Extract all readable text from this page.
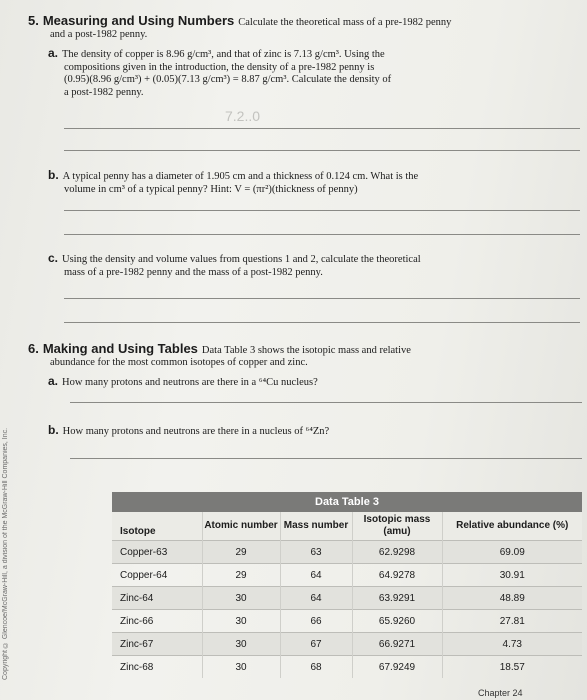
Copyright © Glencoe/McGraw-Hill, a division of the McGraw-Hill Companies, Inc.
5. Measuring and Using Numbers Calculate the theoretical mass of a pre-1982 penny
and a post-1982 penny.
a. The density of copper is 8.96 g/cm³, and that of zinc is 7.13 g/cm³. Using the
compositions given in the introduction, the density of a pre-1982 penny is
(0.95)(8.96 g/cm³) + (0.05)(7.13 g/cm³) = 8.87 g/cm³. Calculate the density of
a post-1982 penny.
7.2..0
b. A typical penny has a diameter of 1.905 cm and a thickness of 0.124 cm. What is the
volume in cm³ of a typical penny? Hint: V = (πr²)(thickness of penny)
c. Using the density and volume values from questions 1 and 2, calculate the theoretical
mass of a pre-1982 penny and the mass of a post-1982 penny.
6. Making and Using Tables Data Table 3 shows the isotopic mass and relative
abundance for the most common isotopes of copper and zinc.
a. How many protons and neutrons are there in a ⁶⁴Cu nucleus?
b. How many protons and neutrons are there in a nucleus of ⁶⁴Zn?
Data Table 3				
Isotope	Atomic number	Mass number	Isotopic mass (amu)	Relative abundance (%)
Copper-63	29	63	62.9298	69.09
Copper-64	29	64	64.9278	30.91
Zinc-64	30	64	63.9291	48.89
Zinc-66	30	66	65.9260	27.81
Zinc-67	30	67	66.9271	4.73
Zinc-68	30	68	67.9249	18.57
Chapter 24
